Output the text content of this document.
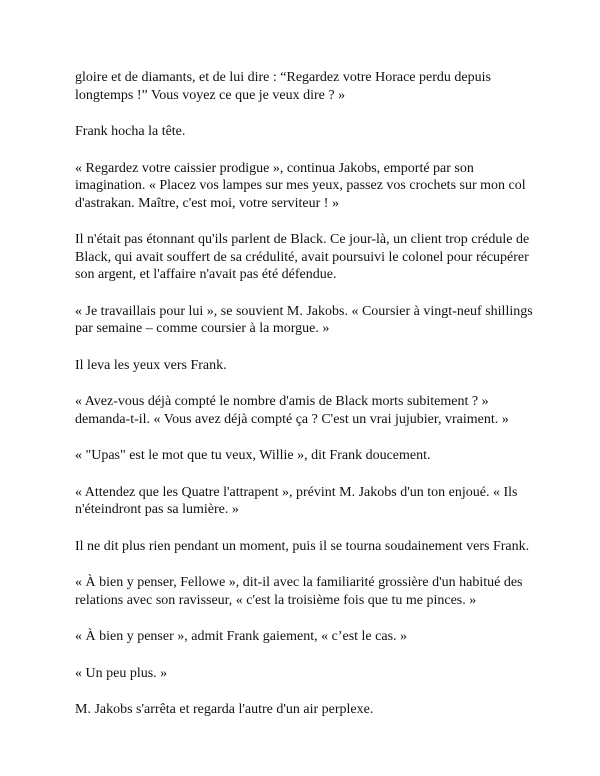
gloire et de diamants, et de lui dire : “Regardez votre Horace perdu depuis longtemps !” Vous voyez ce que je veux dire ? »

Frank hocha la tête.

« Regardez votre caissier prodigue », continua Jakobs, emporté par son imagination. « Placez vos lampes sur mes yeux, passez vos crochets sur mon col d'astrakan. Maître, c'est moi, votre serviteur ! »

Il n'était pas étonnant qu'ils parlent de Black. Ce jour-là, un client trop crédule de Black, qui avait souffert de sa crédulité, avait poursuivi le colonel pour récupérer son argent, et l'affaire n'avait pas été défendue.

« Je travaillais pour lui », se souvient M. Jakobs. « Coursier à vingt-neuf shillings par semaine – comme coursier à la morgue. »

Il leva les yeux vers Frank.

« Avez-vous déjà compté le nombre d'amis de Black morts subitement ? » demanda-t-il. « Vous avez déjà compté ça ? C'est un vrai jujubier, vraiment. »

« "Upas" est le mot que tu veux, Willie », dit Frank doucement.

« Attendez que les Quatre l'attrapent », prévint M. Jakobs d'un ton enjoué. « Ils n'éteindront pas sa lumière. »

Il ne dit plus rien pendant un moment, puis il se tourna soudainement vers Frank.

« À bien y penser, Fellowe », dit-il avec la familiarité grossière d'un habitué des relations avec son ravisseur, « c'est la troisième fois que tu me pinces. »

« À bien y penser », admit Frank gaiement, « c’est le cas. »

« Un peu plus. »

M. Jakobs s'arrêta et regarda l'autre d'un air perplexe.
